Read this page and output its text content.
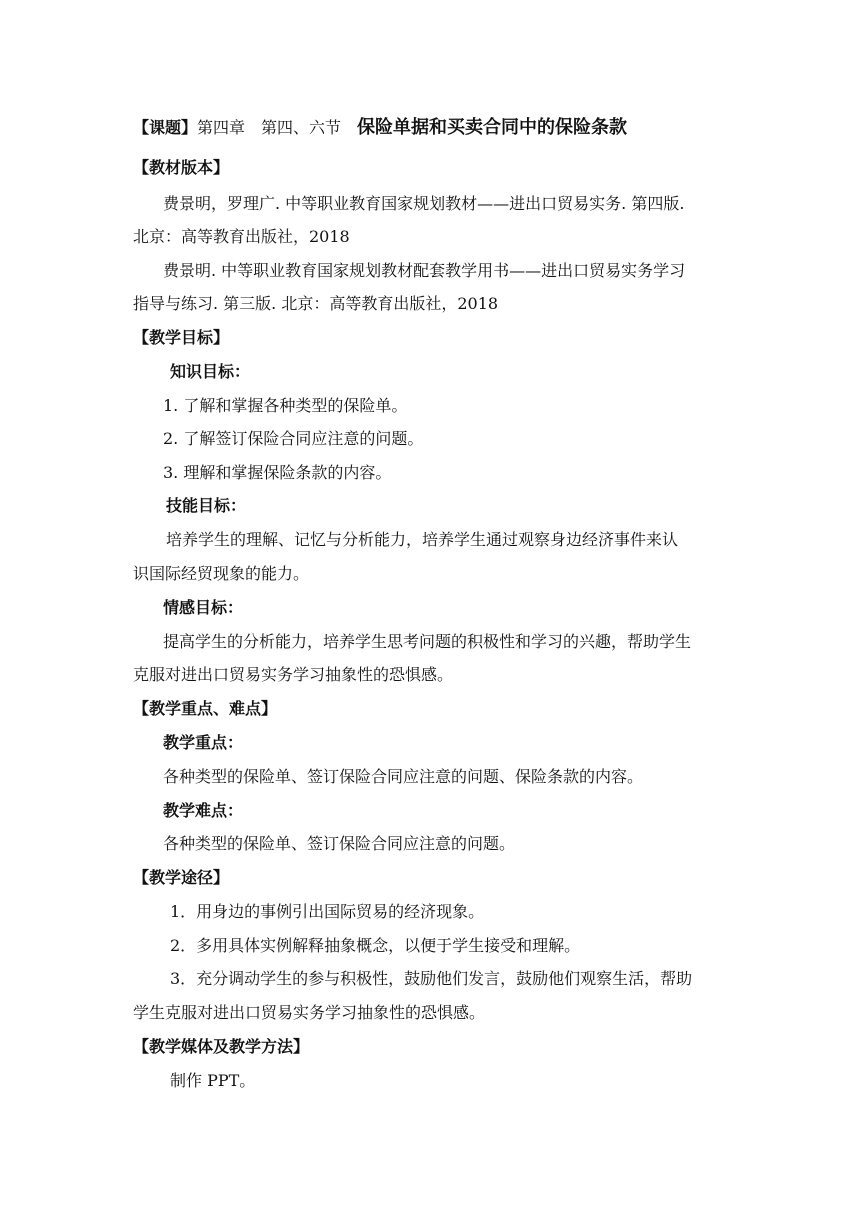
【课题】第四章　第四、六节 保险单据和买卖合同中的保险条款
【教材版本】
费景明，罗理广. 中等职业教育国家规划教材——进出口贸易实务. 第四版.
北京：高等教育出版社，2018
费景明. 中等职业教育国家规划教材配套教学用书——进出口贸易实务学习
指导与练习. 第三版. 北京：高等教育出版社，2018
【教学目标】
知识目标：
1. 了解和掌握各种类型的保险单。
2. 了解签订保险合同应注意的问题。
3. 理解和掌握保险条款的内容。
技能目标：
培养学生的理解、记忆与分析能力，培养学生通过观察身边经济事件来认
识国际经贸现象的能力。
情感目标：
提高学生的分析能力，培养学生思考问题的积极性和学习的兴趣，帮助学生
克服对进出口贸易实务学习抽象性的恐惧感。
【教学重点、难点】
教学重点：
各种类型的保险单、签订保险合同应注意的问题、保险条款的内容。
教学难点：
各种类型的保险单、签订保险合同应注意的问题。
【教学途径】
1．用身边的事例引出国际贸易的经济现象。
2．多用具体实例解释抽象概念，以便于学生接受和理解。
3．充分调动学生的参与积极性，鼓励他们发言，鼓励他们观察生活，帮助
学生克服对进出口贸易实务学习抽象性的恐惧感。
【教学媒体及教学方法】
制作 PPT。
